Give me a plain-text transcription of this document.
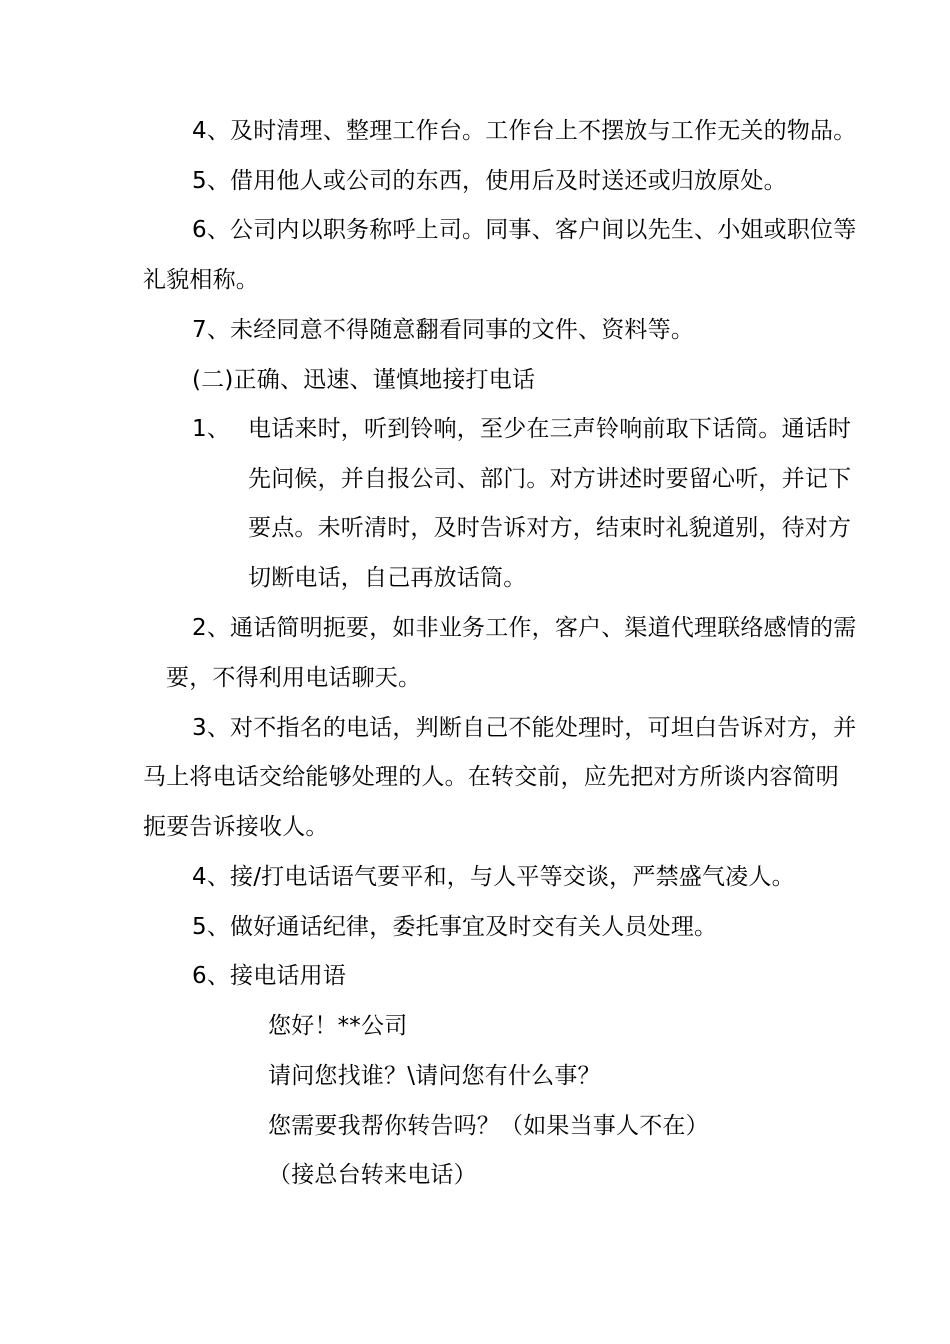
4、及时清理、整理工作台。工作台上不摆放与工作无关的物品。
5、借用他人或公司的东西，使用后及时送还或归放原处。
6、公司内以职务称呼上司。同事、客户间以先生、小姐或职位等
礼貌相称。
7、未经同意不得随意翻看同事的文件、资料等。
(二)正确、迅速、谨慎地接打电话
1、 电话来时，听到铃响，至少在三声铃响前取下话筒。通话时
先问候，并自报公司、部门。对方讲述时要留心听，并记下
要点。未听清时，及时告诉对方，结束时礼貌道别，待对方
切断电话，自己再放话筒。
2、通话简明扼要，如非业务工作，客户、渠道代理联络感情的需
要，不得利用电话聊天。
3、对不指名的电话，判断自己不能处理时，可坦白告诉对方，并
马上将电话交给能够处理的人。在转交前，应先把对方所谈内容简明
扼要告诉接收人。
4、接/打电话语气要平和，与人平等交谈，严禁盛气凌人。
5、做好通话纪律，委托事宜及时交有关人员处理。
6、接电话用语
您好！**公司
请问您找谁？\请问您有什么事？
您需要我帮你转告吗？（如果当事人不在）
（接总台转来电话）
